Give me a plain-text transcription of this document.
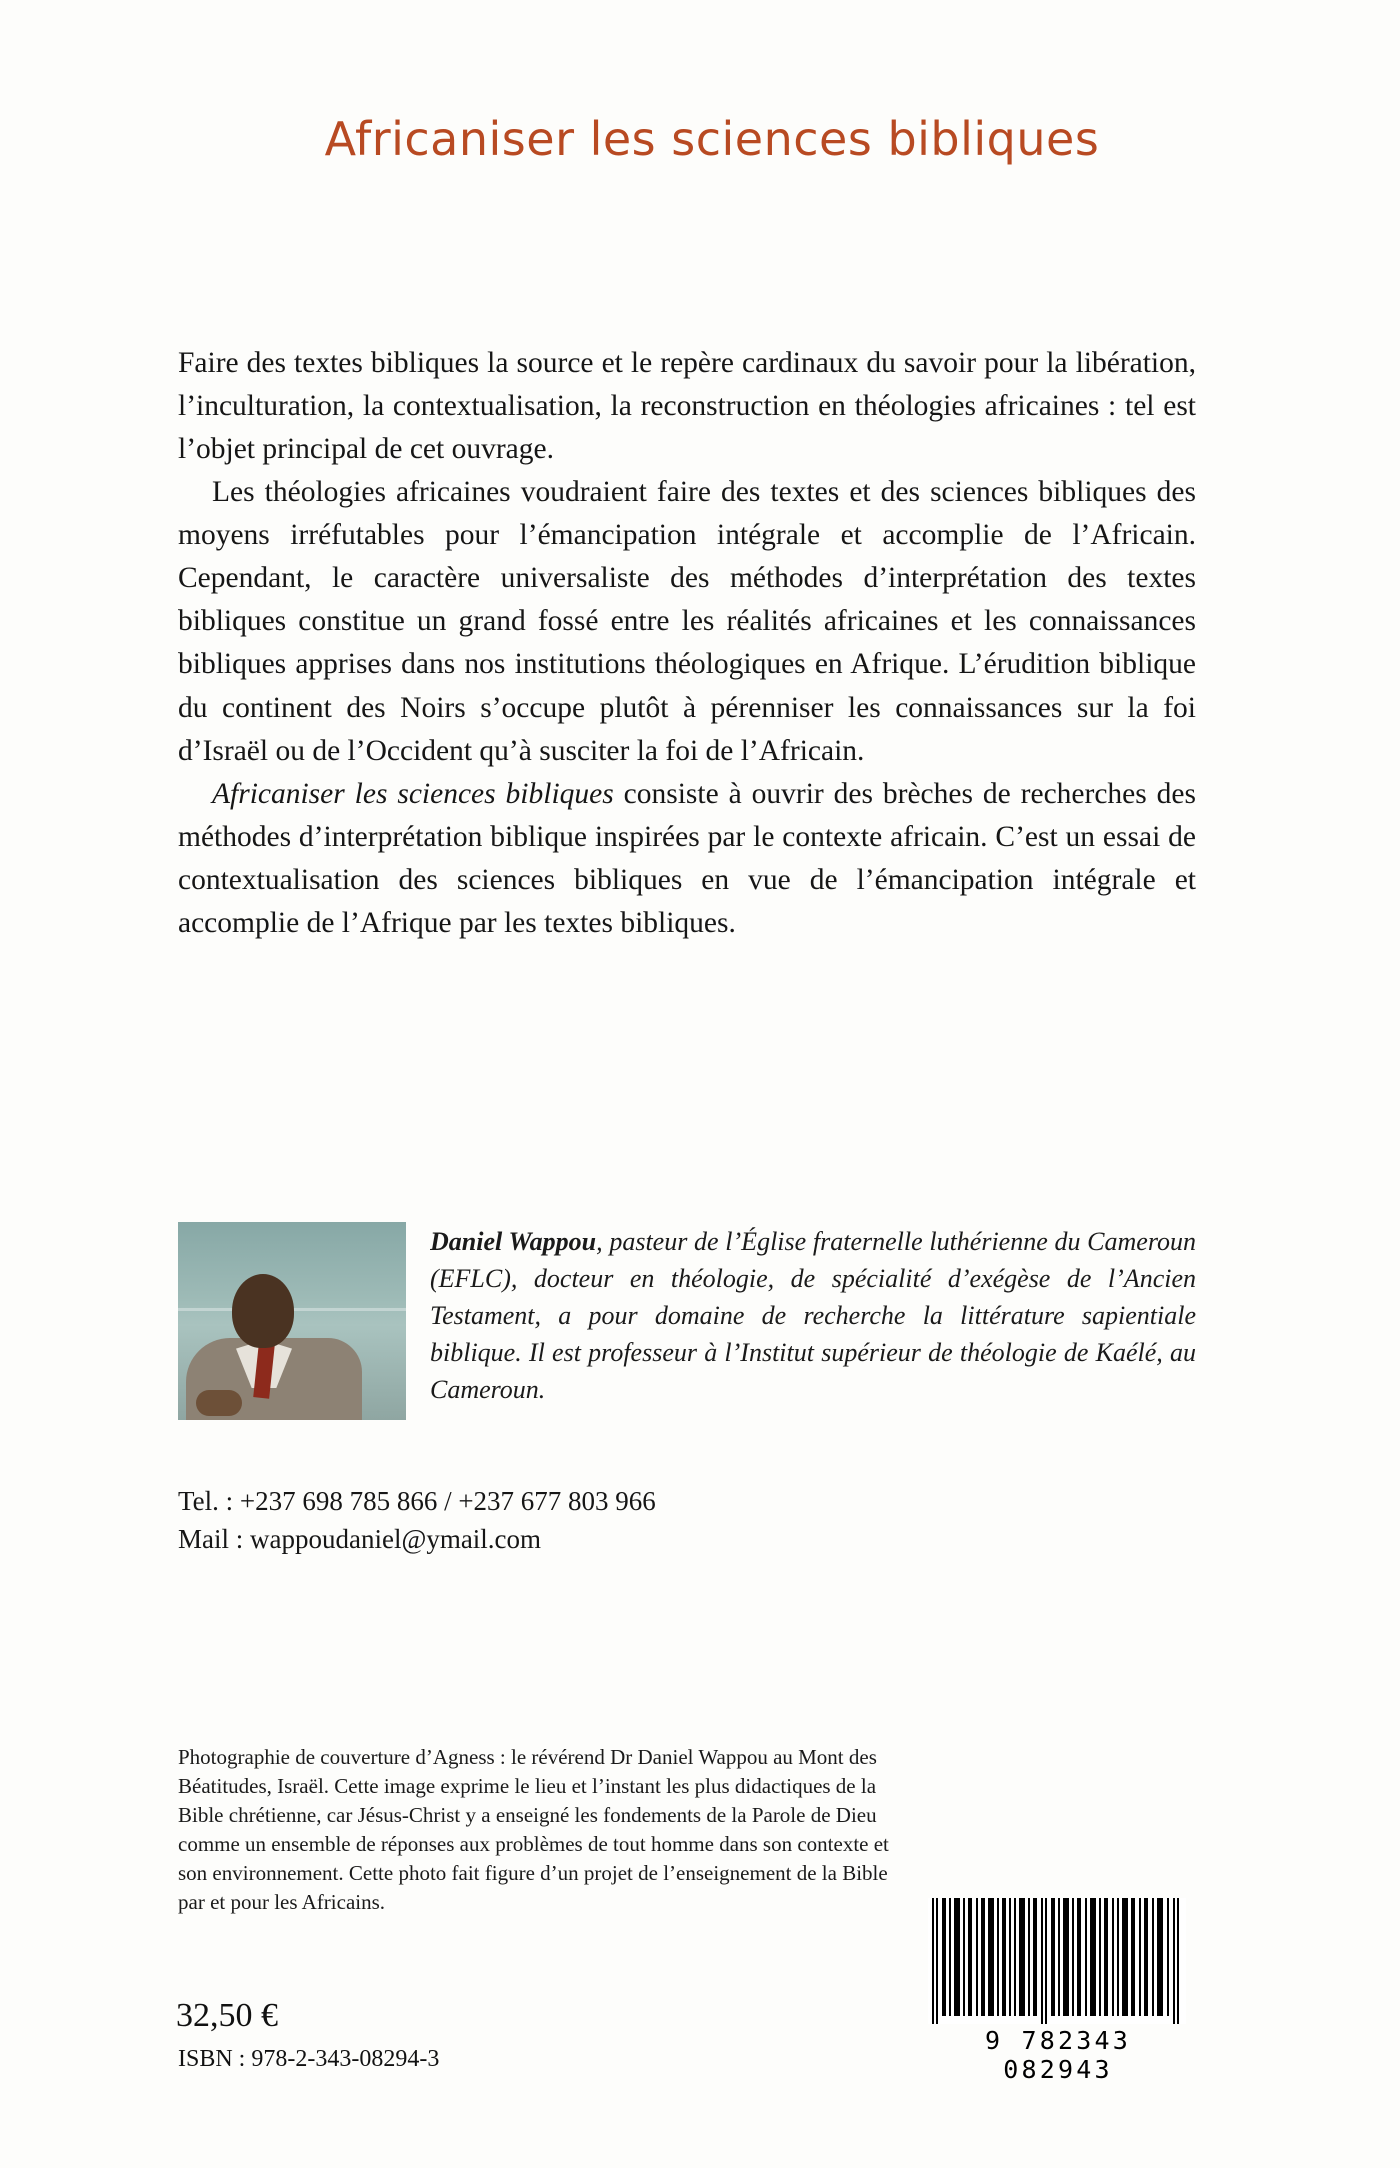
Africaniser les sciences bibliques

Faire des textes bibliques la source et le repère cardinaux du savoir pour la libération, l’inculturation, la contextualisation, la reconstruction en théologies africaines : tel est l’objet principal de cet ouvrage.

Les théologies africaines voudraient faire des textes et des sciences bibliques des moyens irréfutables pour l’émancipation intégrale et accomplie de l’Africain. Cependant, le caractère universaliste des méthodes d’interprétation des textes bibliques constitue un grand fossé entre les réalités africaines et les connaissances bibliques apprises dans nos institutions théologiques en Afrique. L’érudition biblique du continent des Noirs s’occupe plutôt à pérenniser les connaissances sur la foi d’Israël ou de l’Occident qu’à susciter la foi de l’Africain.

Africaniser les sciences bibliques consiste à ouvrir des brèches de recherches des méthodes d’interprétation biblique inspirées par le contexte africain. C’est un essai de contextualisation des sciences bibliques en vue de l’émancipation intégrale et accomplie de l’Afrique par les textes bibliques.

Daniel Wappou, pasteur de l’Église fraternelle luthérienne du Cameroun (EFLC), docteur en théologie, de spécialité d’exégèse de l’Ancien Testament, a pour domaine de recherche la littérature sapientiale biblique. Il est professeur à l’Institut supérieur de théologie de Kaélé, au Cameroun.
Tel. : +237 698 785 866 / +237 677 803 966
Mail : wappoudaniel@ymail.com
Photographie de couverture d’Agness : le révérend Dr Daniel Wappou au Mont des Béatitudes, Israël. Cette image exprime le lieu et l’instant les plus didactiques de la Bible chrétienne, car Jésus-Christ y a enseigné les fondements de la Parole de Dieu comme un ensemble de réponses aux problèmes de tout homme dans son contexte et son environnement. Cette photo fait figure d’un projet de l’enseignement de la Bible par et pour les Africains.
32,50 €
ISBN : 978-2-343-08294-3
9 782343 082943
